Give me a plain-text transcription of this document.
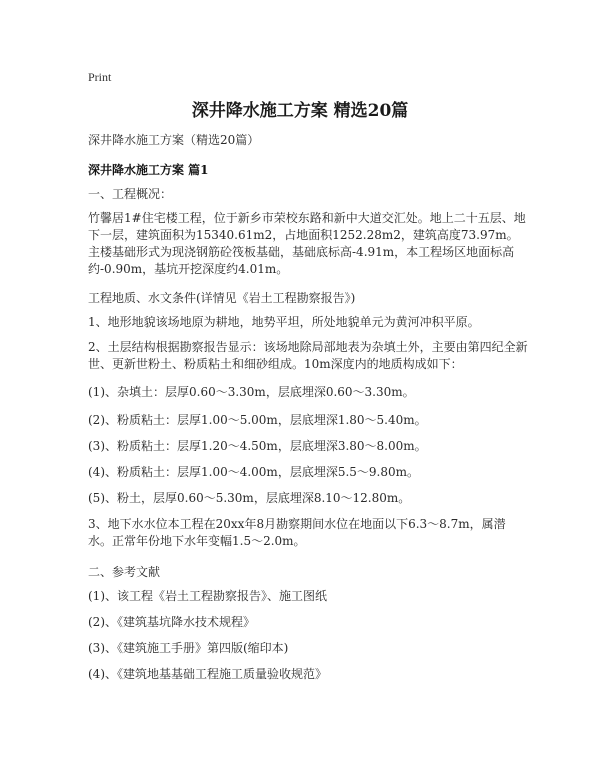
Print
深井降水施工方案 精选20篇
深井降水施工方案（精选20篇）
深井降水施工方案 篇1
一、工程概况：
竹馨居1#住宅楼工程，位于新乡市荣校东路和新中大道交汇处。地上二十五层、地下一层，建筑面积为15340.61m2，占地面积1252.28m2，建筑高度73.97m。主楼基础形式为现浇钢筋砼筏板基础，基础底标高-4.91m，本工程场区地面标高约-0.90m，基坑开挖深度约4.01m。
工程地质、水文条件(详情见《岩土工程勘察报告》)
1、地形地貌该场地原为耕地，地势平坦，所处地貌单元为黄河冲积平原。
2、土层结构根据勘察报告显示：该场地除局部地表为杂填土外，主要由第四纪全新世、更新世粉土、粉质粘土和细砂组成。10m深度内的地质构成如下：
(1)、杂填土：层厚0.60～3.30m，层底埋深0.60～3.30m。
(2)、粉质粘土：层厚1.00～5.00m，层底埋深1.80～5.40m。
(3)、粉质粘土：层厚1.20～4.50m，层底埋深3.80～8.00m。
(4)、粉质粘土：层厚1.00～4.00m，层底埋深5.5～9.80m。
(5)、粉土，层厚0.60～5.30m，层底埋深8.10～12.80m。
3、地下水水位本工程在20xx年8月勘察期间水位在地面以下6.3～8.7m，属潜水。正常年份地下水年变幅1.5～2.0m。
二、参考文献
(1)、该工程《岩土工程勘察报告》、施工图纸
(2)、《建筑基坑降水技术规程》
(3)、《建筑施工手册》第四版(缩印本)
(4)、《建筑地基基础工程施工质量验收规范》
